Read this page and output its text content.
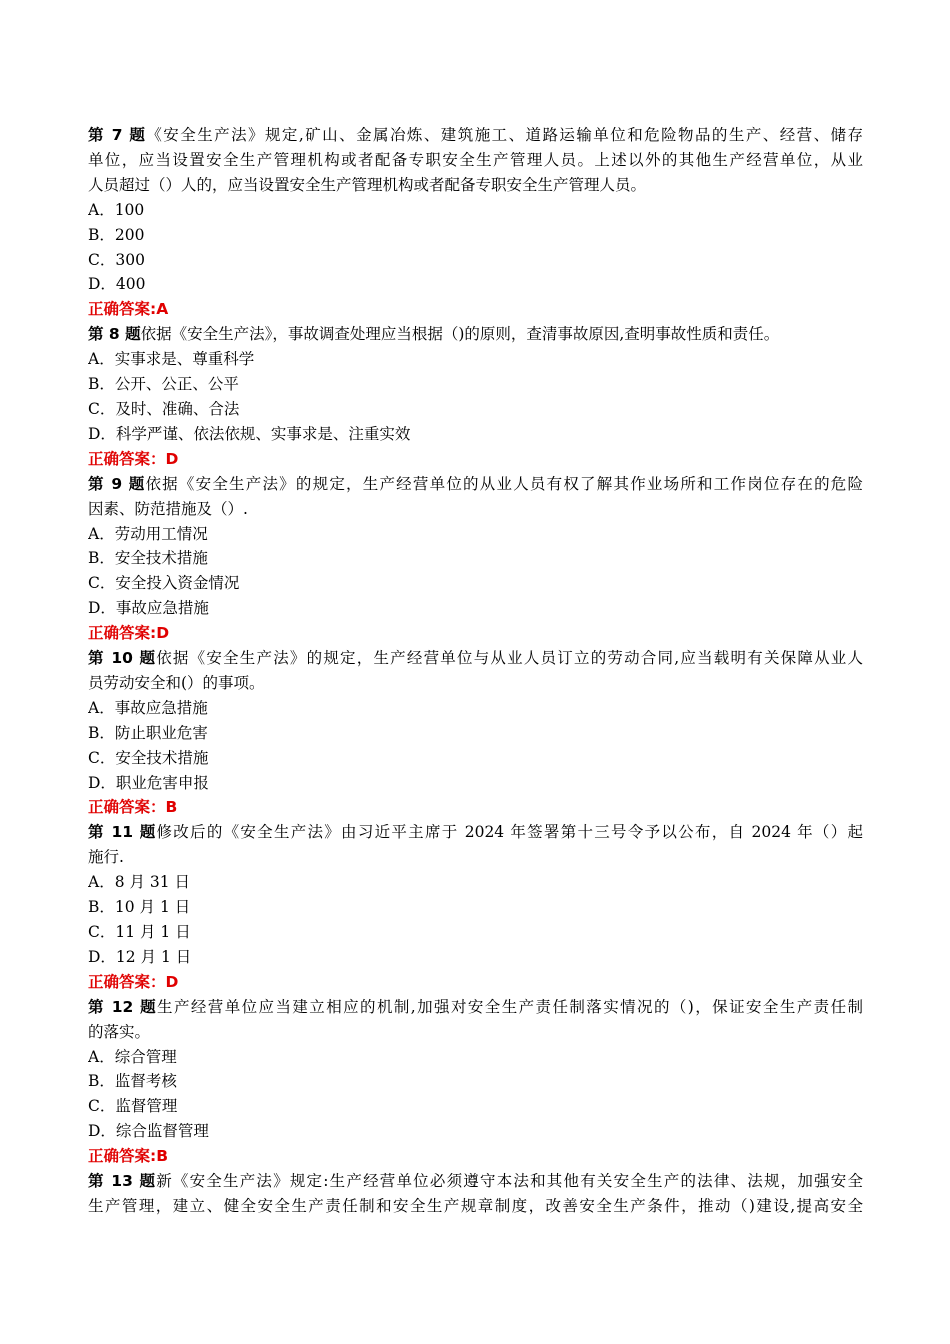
第 7 题《安全生产法》规定,矿山、金属冶炼、建筑施工、道路运输单位和危险物品的生产、经营、储存
单位，应当设置安全生产管理机构或者配备专职安全生产管理人员。上述以外的其他生产经营单位，从业
人员超过（）人的，应当设置安全生产管理机构或者配备专职安全生产管理人员。
A．100
B．200
C．300
D．400
正确答案:A
第 8 题依据《安全生产法》，事故调查处理应当根据（)的原则，查清事故原因,查明事故性质和责任。
A．实事求是、尊重科学
B．公开、公正、公平
C．及时、准确、合法
D．科学严谨、依法依规、实事求是、注重实效
正确答案：D
第 9 题依据《安全生产法》的规定，生产经营单位的从业人员有权了解其作业场所和工作岗位存在的危险
因素、防范措施及（）.
A．劳动用工情况
B．安全技术措施
C．安全投入资金情况
D．事故应急措施
正确答案:D
第 10 题依据《安全生产法》的规定，生产经营单位与从业人员订立的劳动合同,应当载明有关保障从业人
员劳动安全和(）的事项。
A．事故应急措施
B．防止职业危害
C．安全技术措施
D．职业危害申报
正确答案：B
第 11 题修改后的《安全生产法》由习近平主席于 2024 年签署第十三号令予以公布，自 2024 年（）起
施行.
A．8 月 31 日
B．10 月 1 日
C．11 月 1 日
D．12 月 1 日
正确答案：D
第 12 题生产经营单位应当建立相应的机制,加强对安全生产责任制落实情况的（)，保证安全生产责任制
的落实。
A．综合管理
B．监督考核
C．监督管理
D．综合监督管理
正确答案:B
第 13 题新《安全生产法》规定:生产经营单位必须遵守本法和其他有关安全生产的法律、法规，加强安全
生产管理，建立、健全安全生产责任制和安全生产规章制度，改善安全生产条件，推动（)建设,提高安全
